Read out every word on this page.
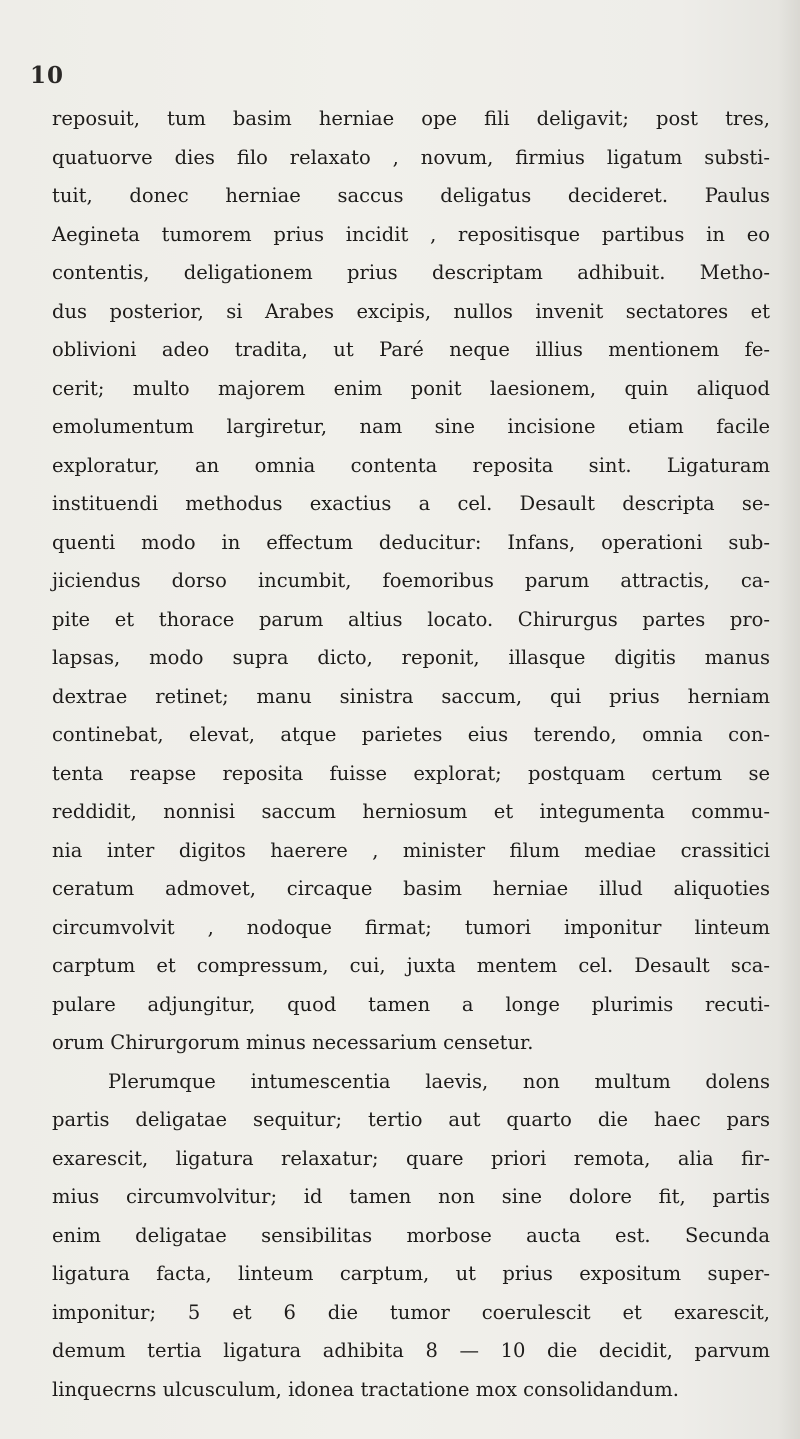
10
reposuit, tum basim herniae ope fili deligavit; post tres,
quatuorve dies filo relaxato , novum, firmius ligatum substi-
tuit, donec herniae saccus deligatus decideret. Paulus
Aegineta tumorem prius incidit , repositisque partibus in eo
contentis, deligationem prius descriptam adhibuit. Metho-
dus posterior, si Arabes excipis, nullos invenit sectatores et
oblivioni adeo tradita, ut Paré neque illius mentionem fe-
cerit; multo majorem enim ponit laesionem, quin aliquod
emolumentum largiretur, nam sine incisione etiam facile
exploratur, an omnia contenta reposita sint. Ligaturam
instituendi methodus exactius a cel. Desault descripta se-
quenti modo in effectum deducitur: Infans, operationi sub-
jiciendus dorso incumbit, foemoribus parum attractis, ca-
pite et thorace parum altius locato. Chirurgus partes pro-
lapsas, modo supra dicto, reponit, illasque digitis manus
dextrae retinet; manu sinistra saccum, qui prius herniam
continebat, elevat, atque parietes eius terendo, omnia con-
tenta reapse reposita fuisse explorat; postquam certum se
reddidit, nonnisi saccum herniosum et integumenta commu-
nia inter digitos haerere , minister filum mediae crassitici
ceratum admovet, circaque basim herniae illud aliquoties
circumvolvit , nodoque firmat; tumori imponitur linteum
carptum et compressum, cui, juxta mentem cel. Desault sca-
pulare adjungitur, quod tamen a longe plurimis recuti-
orum Chirurgorum minus necessarium censetur.
Plerumque intumescentia laevis, non multum dolens
partis deligatae sequitur; tertio aut quarto die haec pars
exarescit, ligatura relaxatur; quare priori remota, alia fir-
mius circumvolvitur; id tamen non sine dolore fit, partis
enim deligatae sensibilitas morbose aucta est. Secunda
ligatura facta, linteum carptum, ut prius expositum super-
imponitur; 5 et 6 die tumor coerulescit et exarescit,
demum tertia ligatura adhibita 8 — 10 die decidit, parvum
linquecrns ulcusculum, idonea tractatione mox consolidandum.
